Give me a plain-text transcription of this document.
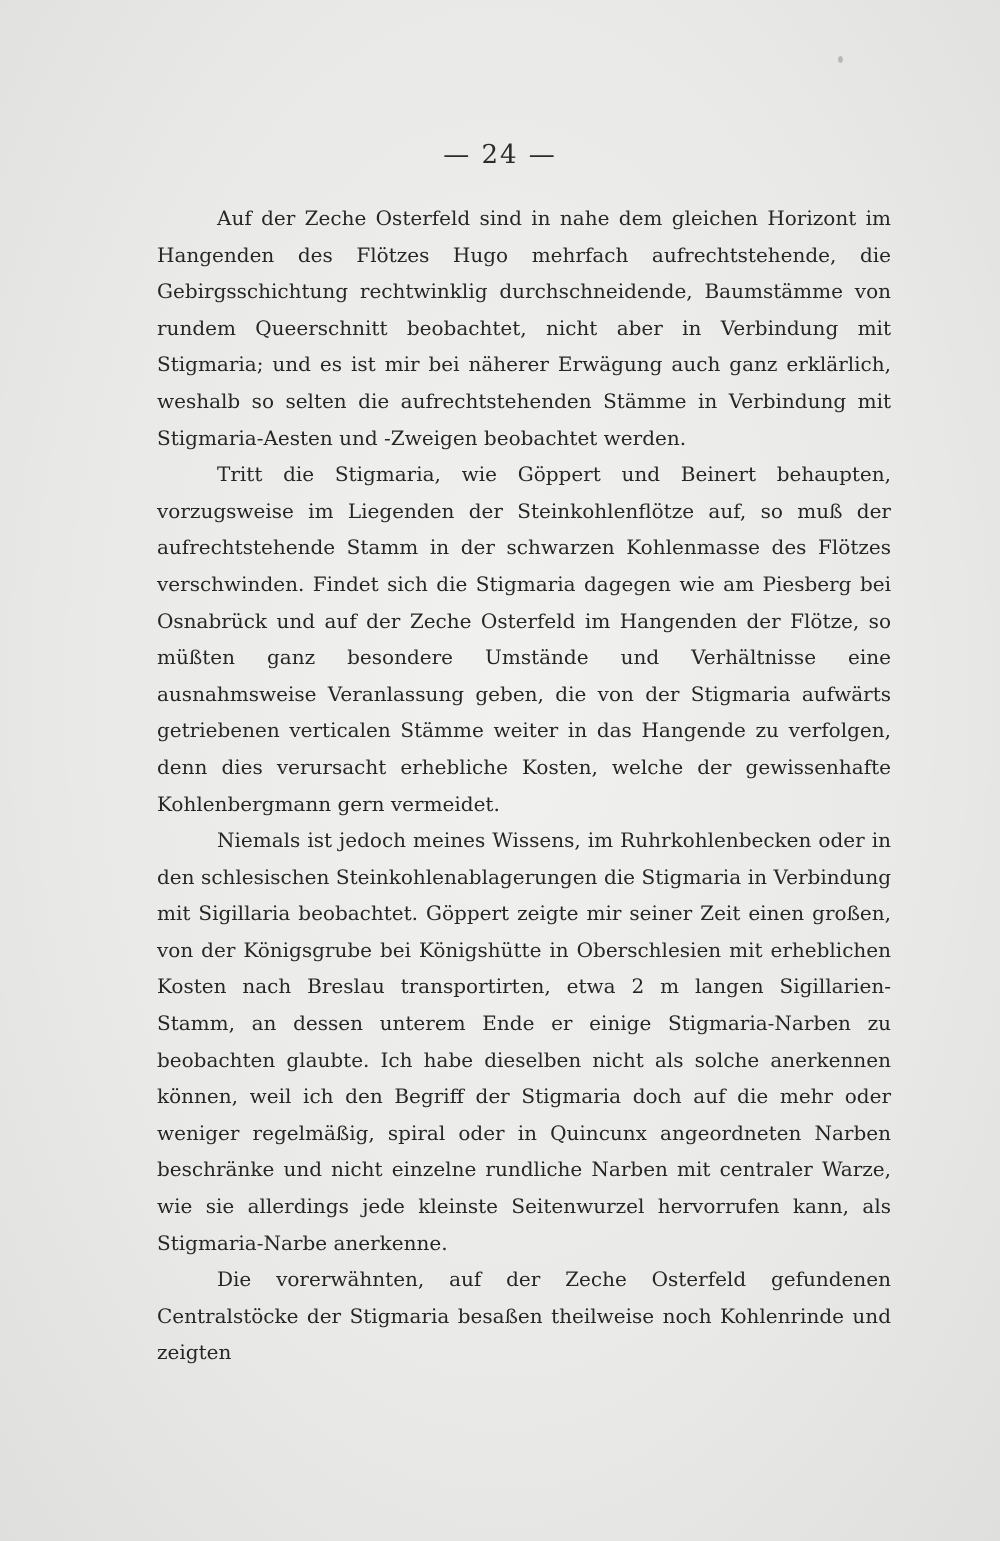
— 24 —

Auf der Zeche Osterfeld sind in nahe dem gleichen Horizont im Hangenden des Flötzes Hugo mehrfach aufrechtstehende, die Gebirgsschichtung rechtwinklig durchschneidende, Baumstämme von rundem Queerschnitt beobachtet, nicht aber in Verbindung mit Stigmaria; und es ist mir bei näherer Erwägung auch ganz erklärlich, weshalb so selten die aufrechtstehenden Stämme in Verbindung mit Stigmaria-Aesten und -Zweigen beobachtet werden.

Tritt die Stigmaria, wie Göppert und Beinert behaupten, vorzugsweise im Liegenden der Steinkohlenflötze auf, so muß der aufrechtstehende Stamm in der schwarzen Kohlenmasse des Flötzes verschwinden. Findet sich die Stigmaria dagegen wie am Piesberg bei Osnabrück und auf der Zeche Osterfeld im Hangenden der Flötze, so müßten ganz besondere Umstände und Verhältnisse eine ausnahmsweise Veranlassung geben, die von der Stigmaria aufwärts getriebenen verticalen Stämme weiter in das Hangende zu verfolgen, denn dies verursacht erhebliche Kosten, welche der gewissenhafte Kohlenbergmann gern vermeidet.

Niemals ist jedoch meines Wissens, im Ruhrkohlenbecken oder in den schlesischen Steinkohlenablagerungen die Stigmaria in Verbindung mit Sigillaria beobachtet. Göppert zeigte mir seiner Zeit einen großen, von der Königsgrube bei Königshütte in Oberschlesien mit erheblichen Kosten nach Breslau transportirten, etwa 2 m langen Sigillarien-Stamm, an dessen unterem Ende er einige Stigmaria-Narben zu beobachten glaubte. Ich habe dieselben nicht als solche anerkennen können, weil ich den Begriff der Stigmaria doch auf die mehr oder weniger regelmäßig, spiral oder in Quincunx angeordneten Narben beschränke und nicht einzelne rundliche Narben mit centraler Warze, wie sie allerdings jede kleinste Seitenwurzel hervorrufen kann, als Stigmaria-Narbe anerkenne.

Die vorerwähnten, auf der Zeche Osterfeld gefundenen Centralstöcke der Stigmaria besaßen theilweise noch Kohlenrinde und zeigten
